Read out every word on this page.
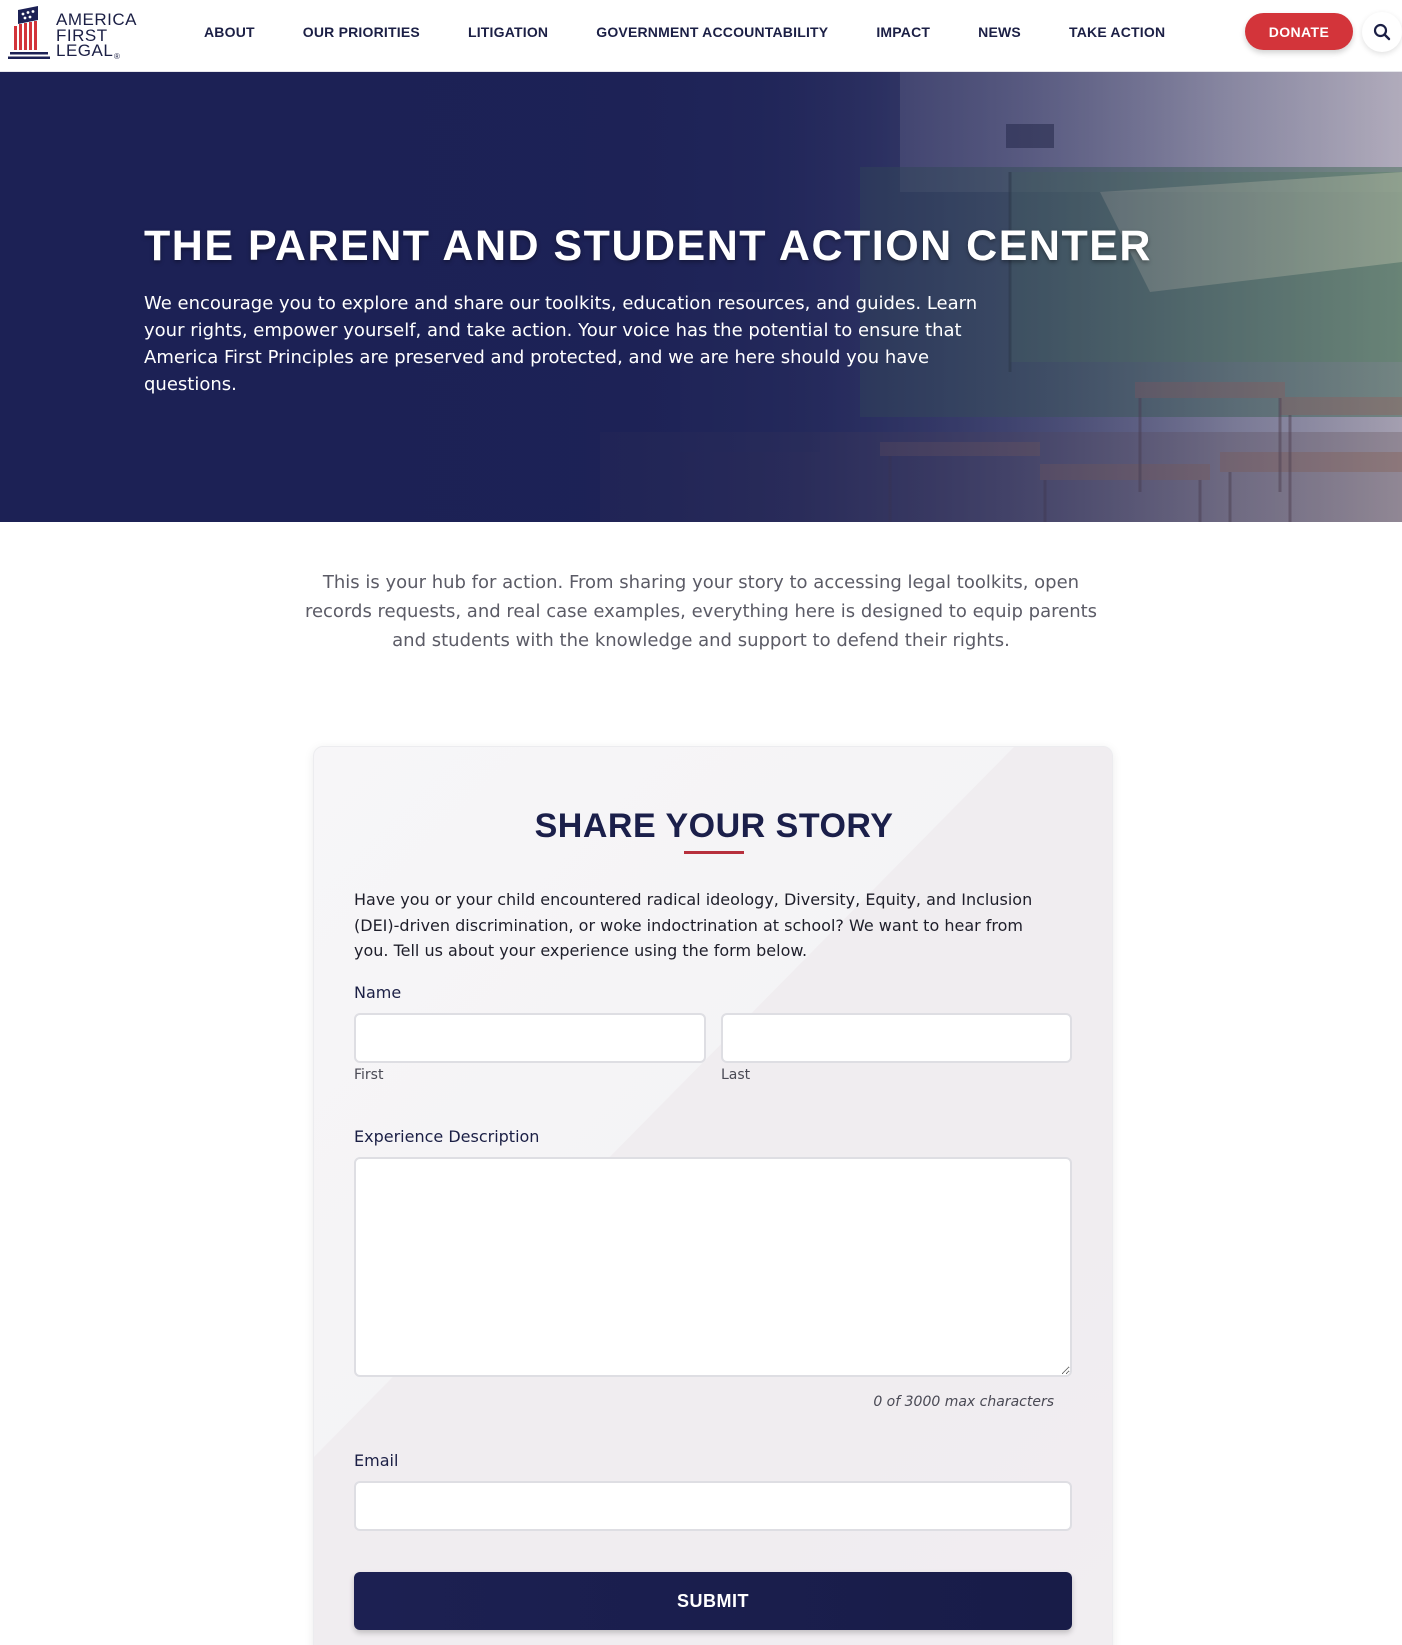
AMERICA
FIRST
LEGAL ®
ABOUT	OUR PRIORITIES	LITIGATION	GOVERNMENT ACCOUNTABILITY	IMPACT	NEWS	TAKE ACTION	DONATE
THE PARENT AND STUDENT ACTION CENTER

We encourage you to explore and share our toolkits, education resources, and guides. Learn your rights, empower yourself, and take action. Your voice has the potential to ensure that America First Principles are preserved and protected, and we are here should you have questions.

This is your hub for action. From sharing your story to accessing legal toolkits, open records requests, and real case examples, everything here is designed to equip parents and students with the knowledge and support to defend their rights.

SHARE YOUR STORY

Have you or your child encountered radical ideology, Diversity, Equity, and Inclusion (DEI)-driven discrimination, or woke indoctrination at school? We want to hear from you. Tell us about your experience using the form below.

Name
First	Last
Experience Description
0 of 3000 max characters
Email
SUBMIT
